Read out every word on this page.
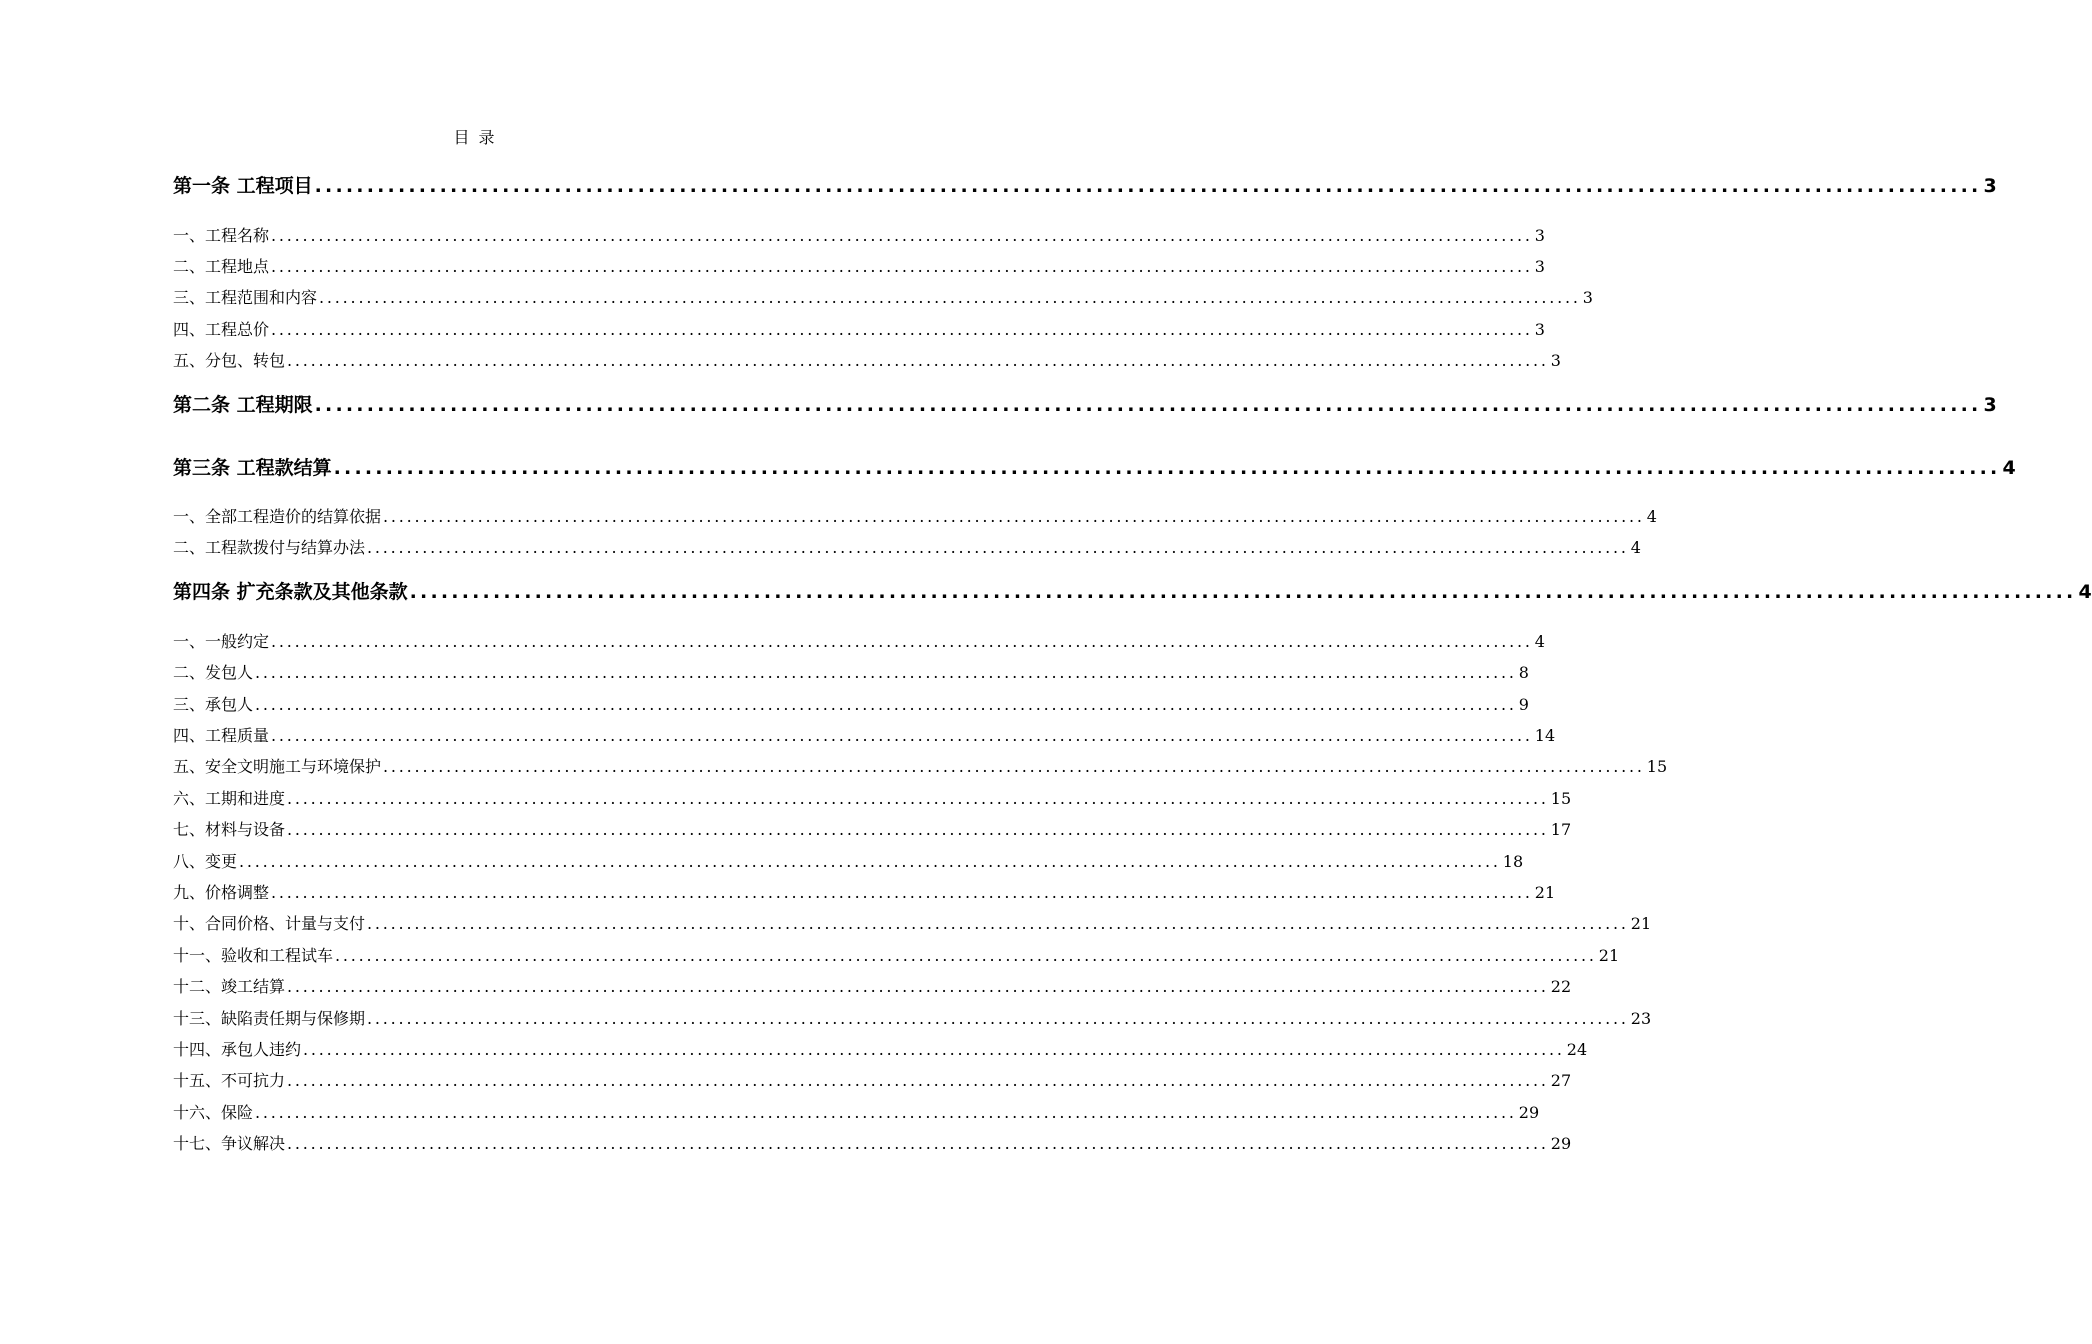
目 录
第一条 工程项目 ................................................................................................................................................................ 3
一、工程名称 ................................................................................................................................................................ 3
二、工程地点 ................................................................................................................................................................ 3
三、工程范围和内容 ................................................................................................................................................................ 3
四、工程总价 ................................................................................................................................................................ 3
五、分包、转包 ................................................................................................................................................................ 3
第二条 工程期限 ................................................................................................................................................................ 3
第三条 工程款结算 ................................................................................................................................................................ 4
一、全部工程造价的结算依据 ................................................................................................................................................................ 4
二、工程款拨付与结算办法 ................................................................................................................................................................ 4
第四条 扩充条款及其他条款 ................................................................................................................................................................ 4
一、一般约定 ................................................................................................................................................................ 4
二、发包人 ................................................................................................................................................................ 8
三、承包人 ................................................................................................................................................................ 9
四、工程质量 ................................................................................................................................................................ 14
五、安全文明施工与环境保护 ................................................................................................................................................................ 15
六、工期和进度 ................................................................................................................................................................ 15
七、材料与设备 ................................................................................................................................................................ 17
八、变更 ................................................................................................................................................................ 18
九、价格调整 ................................................................................................................................................................ 21
十、合同价格、计量与支付 ................................................................................................................................................................ 21
十一、验收和工程试车 ................................................................................................................................................................ 21
十二、竣工结算 ................................................................................................................................................................ 22
十三、缺陷责任期与保修期 ................................................................................................................................................................ 23
十四、承包人违约 ................................................................................................................................................................ 24
十五、不可抗力 ................................................................................................................................................................ 27
十六、保险 ................................................................................................................................................................ 29
十七、争议解决 ................................................................................................................................................................ 29
